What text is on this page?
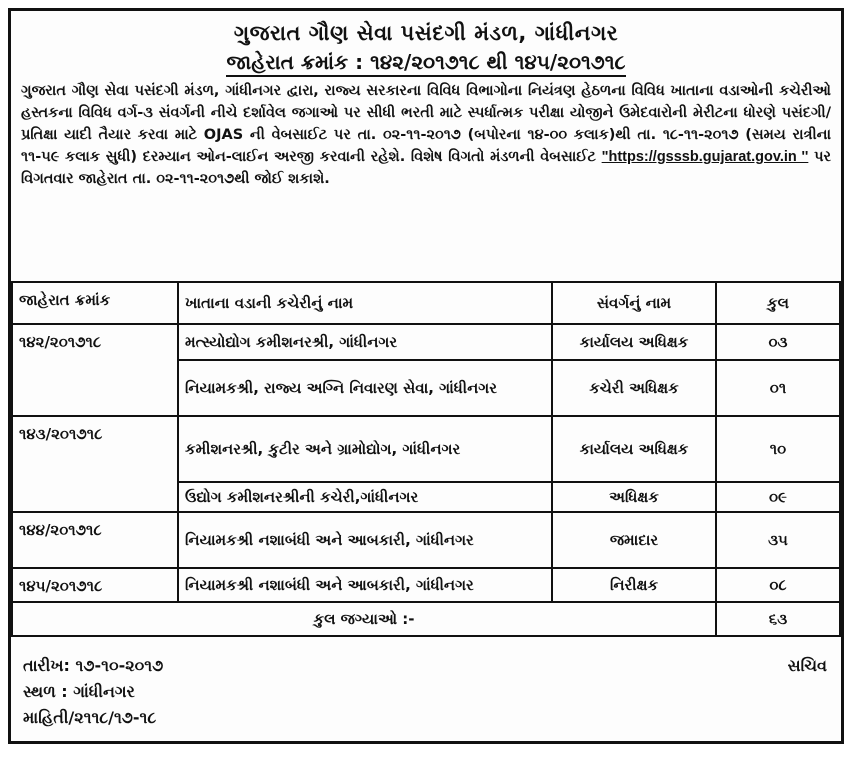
ગુજરાત ગૌણ સેવા પસંદગી મંડળ, ગાંધીનગર
જાહેરાત ક્રમાંક : ૧૪૨/૨૦૧૭૧૮ થી ૧૪૫/૨૦૧૭૧૮
ગુજરાત ગૌણ સેવા પસંદગી મંડળ, ગાંધીનગર દ્વારા, રાજ્ય સરકારના વિવિધ વિભાગોના નિયંત્રણ હેઠળના વિવિધ ખાતાના વડાઓની કચેરીઓ હસ્તકના વિવિધ વર્ગ-૩ સંવર્ગની નીચે દર્શાવેલ જગાઓ પર સીધી ભરતી માટે સ્પર્ધાત્મક પરીક્ષા યોજીને ઉમેદવારોની મેરીટના ધોરણે પસંદગી/પ્રતિક્ષા યાદી તૈયાર કરવા માટે OJAS ની વેબસાઈટ પર તા. ૦૨-૧૧-૨૦૧૭ (બપોરના ૧૪-૦૦ કલાક)થી તા. ૧૮-૧૧-૨૦૧૭ (સમય રાત્રીના ૧૧-૫૯ કલાક સુધી) દરમ્યાન ઓન-લાઈન અરજી કરવાની રહેશે. વિશેષ વિગતો મંડળની વેબસાઈટ "https://gsssb.gujarat.gov.in '' પર વિગતવાર જાહેરાત તા. ૦૨-૧૧-૨૦૧૭થી જોઈ શકાશે.
જાહેરાત ક્રમાંક	ખાતાના વડાની કચેરીનું નામ	સંવર્ગનું નામ	કુલ
૧૪૨/૨૦૧૭૧૮	મત્સ્યોદ્યોગ કમીશનરશ્રી, ગાંધીનગર	કાર્યાલય અધિક્ષક	૦૩
	નિયામકશ્રી, રાજ્ય અગ્નિ નિવારણ સેવા, ગાંધીનગર	કચેરી અધિક્ષક	૦૧
૧૪૩/૨૦૧૭૧૮	કમીશનરશ્રી, કુટીર અને ગ્રામોદ્યોગ, ગાંધીનગર	કાર્યાલય અધિક્ષક	૧૦
	ઉદ્યોગ કમીશનરશ્રીની કચેરી,ગાંધીનગર	અધિક્ષક	૦૯
૧૪૪/૨૦૧૭૧૮	નિયામકશ્રી નશાબંધી અને આબકારી, ગાંધીનગર	જમાદાર	૩૫
૧૪૫/૨૦૧૭૧૮	નિયામકશ્રી નશાબંધી અને આબકારી, ગાંધીનગર	નિરીક્ષક	૦૮
કુલ જગ્યાઓ :-			૬૩
તારીખ: ૧૭-૧૦-૨૦૧૭
સ્થળ : ગાંધીનગર
માહિતી/૨૧૧૮/૧૭-૧૮
સચિવ
